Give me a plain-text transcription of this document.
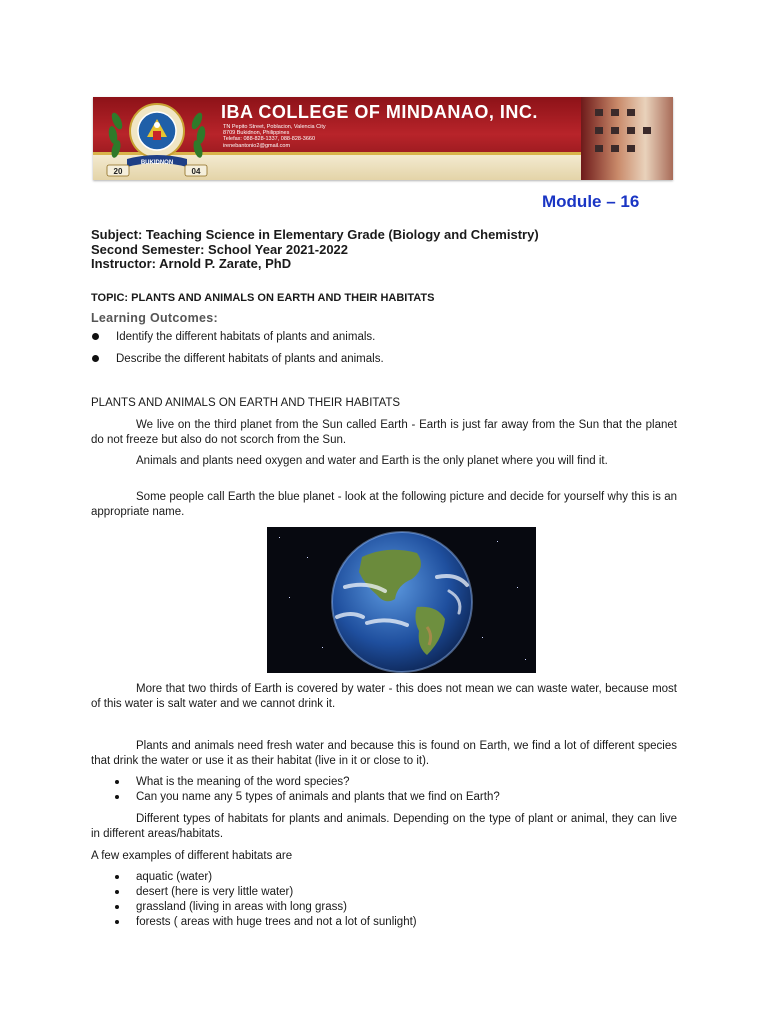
BUKIDNON
20	04
IBA COLLEGE OF MINDANAO, INC.
TN Pepito Street, Poblacion, Valencia City
8709 Bukidnon, Philippines
Telefax: 088-828-1337, 088-828-3660
irenebantonio2@gmail.com
Module – 16
Subject: Teaching Science in Elementary Grade (Biology and Chemistry)
Second Semester: School Year 2021-2022
Instructor: Arnold P. Zarate, PhD
TOPIC: PLANTS AND ANIMALS ON EARTH AND THEIR HABITATS
Learning Outcomes:
Identify the different habitats of plants and animals.
Describe the different habitats of plants and animals.
PLANTS AND ANIMALS ON EARTH AND THEIR HABITATS

We live on the third planet from the Sun called Earth - Earth is just far away from the Sun that the planet do not freeze but also do not scorch from the Sun.

Animals and plants need oxygen and water and Earth is the only planet where you will find it.

Some people call Earth the blue planet - look at the following picture and decide for yourself why this is an appropriate name.

More that two thirds of Earth is covered by water - this does not mean we can waste water, because most of this water is salt water and we cannot drink it.

Plants and animals need fresh water and because this is found on Earth, we find a lot of different species that drink the water or use it as their habitat (live in it or close to it).

What is the meaning of the word species?
Can you name any 5 types of animals and plants that we find on Earth?

Different types of habitats for plants and animals. Depending on the type of plant or animal, they can live in different areas/habitats.

A few examples of different habitats are

aquatic (water)
desert (here is very little water)
grassland (living in areas with long grass)
forests ( areas with huge trees and not a lot of sunlight)
